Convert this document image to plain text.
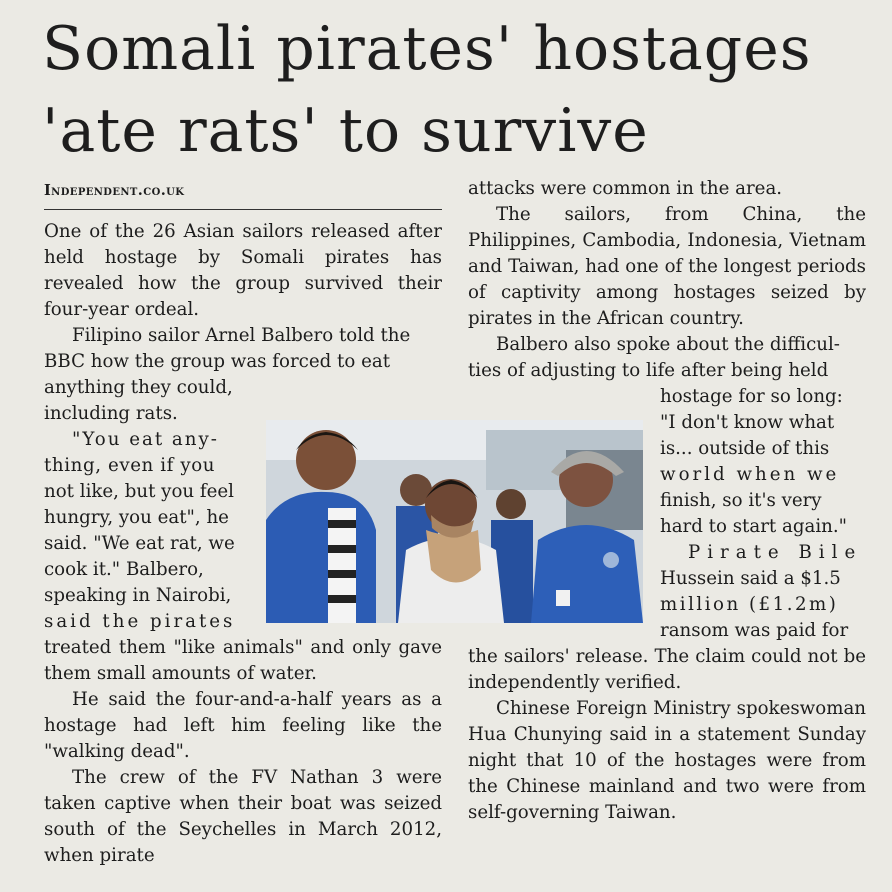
Somali pirates' hostages
'ate rats' to survive
Independent.co.uk

One of the 26 Asian sailors released after held hostage by Somali pirates has revealed how the group survived their four-year ordeal.

Filipino sailor Arnel Balbero told the

BBC how the group was forced to eat

anything they could,

including rats.

"You eat any-
thing, even if you
not like, but you feel
hungry, you eat", he
said. "We eat rat, we
cook it." Balbero,
speaking in Nairobi,
said the pirates

treated them "like animals" and only gave them small amounts of water.

He said the four-and-a-half years as a hostage had left him feeling like the "walking dead".

The crew of the FV Nathan 3 were taken captive when their boat was seized south of the Seychelles in March 2012, when pirate

attacks were common in the area.

The sailors, from China, the Philippines, Cambodia, Indonesia, Vietnam and Taiwan, had one of the longest periods of captivity among hostages seized by pirates in the African country.

Balbero also spoke about the difficul-

ties of adjusting to life after being held

hostage for so long:
"I don't know what
is... outside of this
world when we
finish, so it's very
hard to start again."
Pirate Bile
Hussein said a $1.5
million (£1.2m)
ransom was paid for

the sailors' release. The claim could not be independently verified.

Chinese Foreign Ministry spokeswoman Hua Chunying said in a statement Sunday night that 10 of the hostages were from the Chinese mainland and two were from self-governing Taiwan.
